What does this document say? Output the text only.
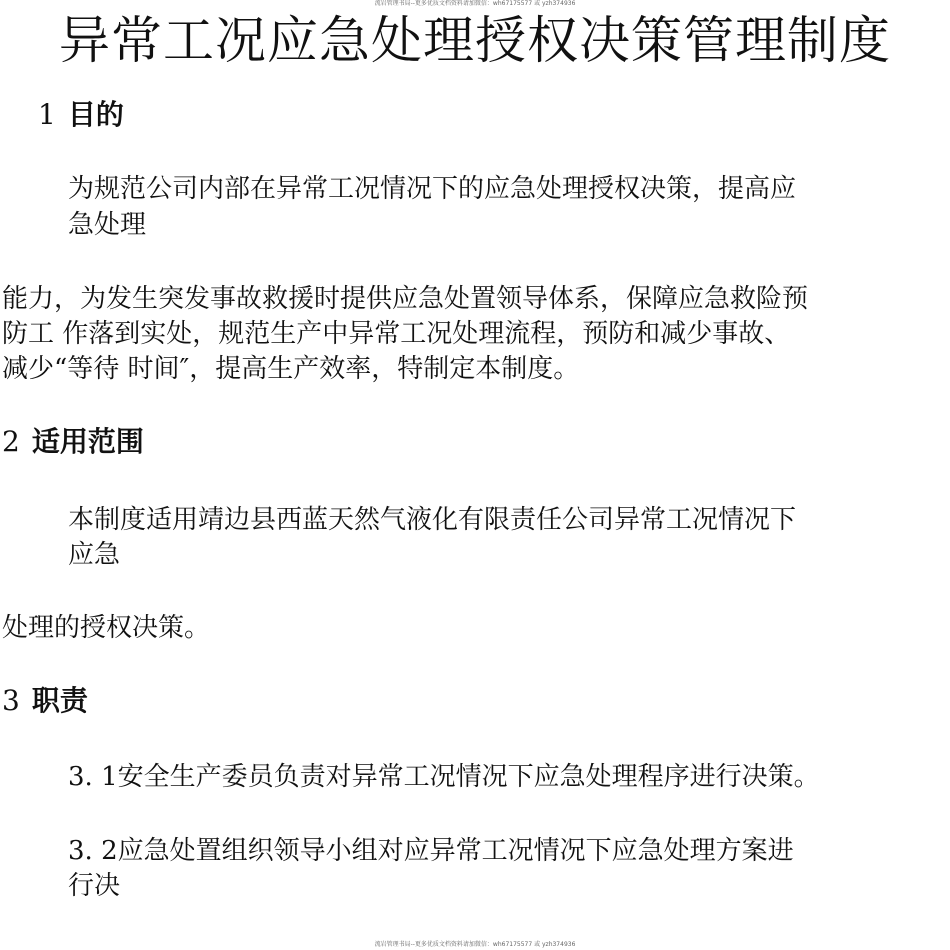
流岩管理书局--更多优质文档资料请加微信：wh67175577 或 yzh374936
异常工况应急处理授权决策管理制度
1 目的
为规范公司内部在异常工况情况下的应急处理授权决策，提高应
急处理
能力，为发生突发事故救援时提供应急处置领导体系，保障应急救险预
防工 作落到实处，规范生产中异常工况处理流程，预防和减少事故、
减少“等待 时间″，提高生产效率，特制定本制度。
2 适用范围
本制度适用靖边县西蓝天然气液化有限责任公司异常工况情况下
应急
处理的授权决策。
3 职责
3. 1安全生产委员负责对异常工况情况下应急处理程序进行决策。
3. 2应急处置组织领导小组对应异常工况情况下应急处理方案进
行决
流岩管理书局--更多优质文档资料请加微信：wh67175577 或 yzh374936
